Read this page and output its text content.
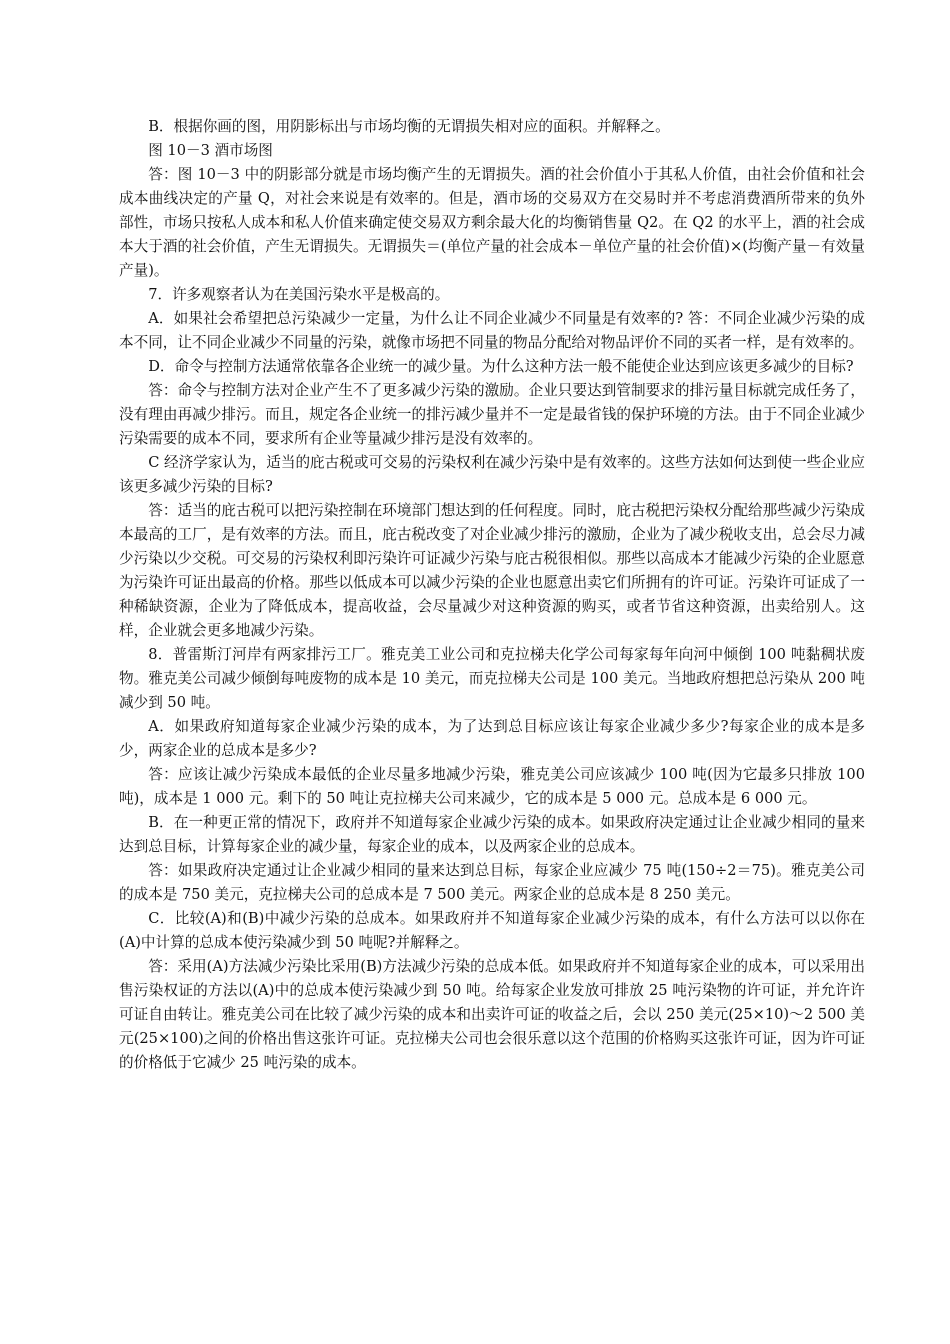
B．根据你画的图，用阴影标出与市场均衡的无谓损失相对应的面积。并解释之。

图 10－3 酒市场图

答：图 10－3 中的阴影部分就是市场均衡产生的无谓损失。酒的社会价值小于其私人价值，由社会价值和社会成本曲线决定的产量 Q，对社会来说是有效率的。但是，酒市场的交易双方在交易时并不考虑消费酒所带来的负外部性，市场只按私人成本和私人价值来确定使交易双方剩余最大化的均衡销售量 Q2。在 Q2 的水平上，酒的社会成本大于酒的社会价值，产生无谓损失。无谓损失＝(单位产量的社会成本－单位产量的社会价值)×(均衡产量－有效量产量)。

7．许多观察者认为在美国污染水平是极高的。

A．如果社会希望把总污染减少一定量，为什么让不同企业减少不同量是有效率的? 答：不同企业减少污染的成本不同，让不同企业减少不同量的污染，就像市场把不同量的物品分配给对物品评价不同的买者一样，是有效率的。

D．命令与控制方法通常依靠各企业统一的减少量。为什么这种方法一般不能使企业达到应该更多减少的目标?

答：命令与控制方法对企业产生不了更多减少污染的激励。企业只要达到管制要求的排污量目标就完成任务了，没有理由再减少排污。而且，规定各企业统一的排污减少量并不一定是最省钱的保护环境的方法。由于不同企业减少污染需要的成本不同，要求所有企业等量减少排污是没有效率的。

C 经济学家认为，适当的庇古税或可交易的污染权利在减少污染中是有效率的。这些方法如何达到使一些企业应该更多减少污染的目标?

答：适当的庇古税可以把污染控制在环境部门想达到的任何程度。同时，庇古税把污染权分配给那些减少污染成本最高的工厂，是有效率的方法。而且，庇古税改变了对企业减少排污的激励，企业为了减少税收支出，总会尽力减少污染以少交税。可交易的污染权利即污染许可证减少污染与庇古税很相似。那些以高成本才能减少污染的企业愿意为污染许可证出最高的价格。那些以低成本可以减少污染的企业也愿意出卖它们所拥有的许可证。污染许可证成了一种稀缺资源，企业为了降低成本，提高收益，会尽量减少对这种资源的购买，或者节省这种资源，出卖给别人。这样，企业就会更多地减少污染。

8．普雷斯汀河岸有两家排污工厂。雅克美工业公司和克拉梯夫化学公司每家每年向河中倾倒 100 吨黏稠状废物。雅克美公司减少倾倒每吨废物的成本是 10 美元，而克拉梯夫公司是 100 美元。当地政府想把总污染从 200 吨减少到 50 吨。

A．如果政府知道每家企业减少污染的成本，为了达到总目标应该让每家企业减少多少?每家企业的成本是多少，两家企业的总成本是多少?

答：应该让减少污染成本最低的企业尽量多地减少污染，雅克美公司应该减少 100 吨(因为它最多只排放 100 吨)，成本是 1 000 元。剩下的 50 吨让克拉梯夫公司来减少，它的成本是 5 000 元。总成本是 6 000 元。

B．在一种更正常的情况下，政府并不知道每家企业减少污染的成本。如果政府决定通过让企业减少相同的量来达到总目标，计算每家企业的减少量，每家企业的成本，以及两家企业的总成本。

答：如果政府决定通过让企业减少相同的量来达到总目标，每家企业应减少 75 吨(150÷2＝75)。雅克美公司的成本是 750 美元，克拉梯夫公司的总成本是 7 500 美元。两家企业的总成本是 8 250 美元。

C．比较(A)和(B)中减少污染的总成本。如果政府并不知道每家企业减少污染的成本，有什么方法可以以你在(A)中计算的总成本使污染减少到 50 吨呢?并解释之。

答：采用(A)方法减少污染比采用(B)方法减少污染的总成本低。如果政府并不知道每家企业的成本，可以采用出售污染权证的方法以(A)中的总成本使污染减少到 50 吨。给每家企业发放可排放 25 吨污染物的许可证，并允许许可证自由转让。雅克美公司在比较了减少污染的成本和出卖许可证的收益之后，会以 250 美元(25×10)～2 500 美元(25×100)之间的价格出售这张许可证。克拉梯夫公司也会很乐意以这个范围的价格购买这张许可证，因为许可证的价格低于它减少 25 吨污染的成本。
